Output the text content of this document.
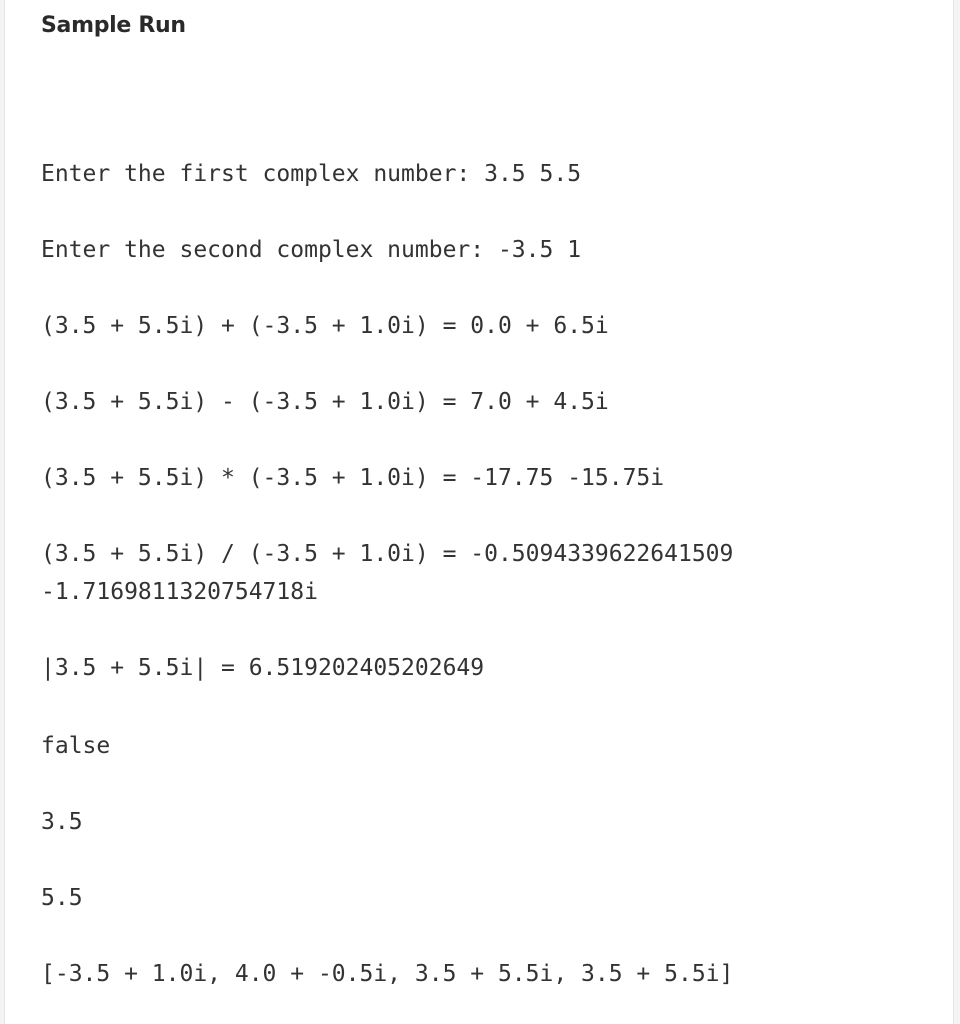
Sample Run
Enter the first complex number: 3.5 5.5
Enter the second complex number: -3.5 1
(3.5 + 5.5i) + (-3.5 + 1.0i) = 0.0 + 6.5i
(3.5 + 5.5i) - (-3.5 + 1.0i) = 7.0 + 4.5i
(3.5 + 5.5i) * (-3.5 + 1.0i) = -17.75 -15.75i
(3.5 + 5.5i) / (-3.5 + 1.0i) = -0.5094339622641509
-1.7169811320754718i
|3.5 + 5.5i| = 6.519202405202649
false
3.5
5.5
[-3.5 + 1.0i, 4.0 + -0.5i, 3.5 + 5.5i, 3.5 + 5.5i]
